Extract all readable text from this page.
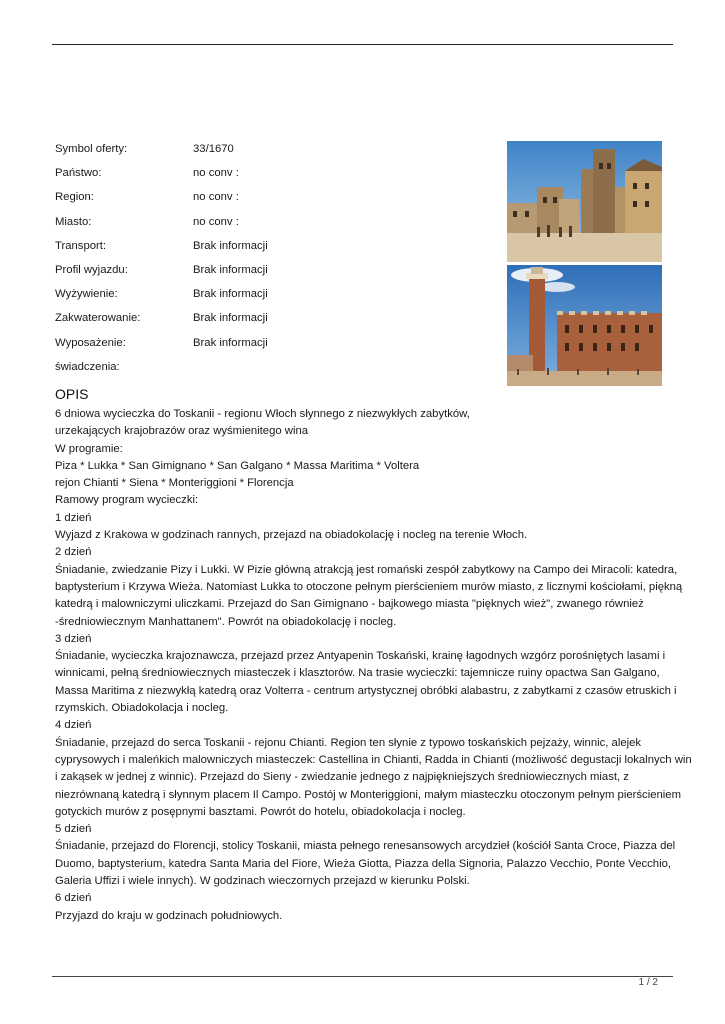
Symbol oferty:	33/1670
Państwo:	no conv :
Region:	no conv :
Miasto:	no conv :
Transport:	Brak informacji
Profil wyjazdu:	Brak informacji
Wyżywienie:	Brak informacji
Zakwaterowanie:	Brak informacji
Wyposażenie:	Brak informacji
świadczenia:
OPIS
6 dniowa wycieczka do Toskanii - regionu Włoch słynnego z niezwykłych zabytków,
urzekających krajobrazów oraz wyśmienitego wina
W programie:
Piza * Lukka * San Gimignano * San Galgano * Massa Maritima * Voltera
rejon Chianti * Siena * Monteriggioni * Florencja
Ramowy program wycieczki:
1 dzień
Wyjazd z Krakowa w godzinach rannych, przejazd na obiadokolację i nocleg na terenie Włoch.
2 dzień
Śniadanie, zwiedzanie Pizy i Lukki. W Pizie główną atrakcją jest romański zespół zabytkowy na Campo dei Miracoli: katedra,
baptysterium i Krzywa Wieża. Natomiast Lukka to otoczone pełnym pierścieniem murów miasto, z licznymi kościołami, piękną
katedrą i malowniczymi uliczkami. Przejazd do San Gimignano - bajkowego miasta "pięknych wież", zwanego również
-średniowiecznym Manhattanem". Powrót na obiadokolację i nocleg.
3 dzień
Śniadanie, wycieczka krajoznawcza, przejazd przez Antyapenin Toskański, krainę łagodnych wzgórz porośniętych lasami i
winnicami, pełną średniowiecznych miasteczek i klasztorów. Na trasie wycieczki: tajemnicze ruiny opactwa San Galgano,
Massa Maritima z niezwykłą katedrą oraz Volterra - centrum artystycznej obróbki alabastru, z zabytkami z czasów etruskich i
rzymskich. Obiadokolacja i nocleg.
4 dzień
Śniadanie, przejazd do serca Toskanii - rejonu Chianti. Region ten słynie z typowo toskańskich pejzaży, winnic, alejek
cyprysowych i maleńkich malowniczych miasteczek: Castellina in Chianti, Radda in Chianti (możliwość degustacji lokalnych win
i zakąsek w jednej z winnic). Przejazd do Sieny - zwiedzanie jednego z najpiękniejszych średniowiecznych miast, z
niezrównaną katedrą i słynnym placem Il Campo. Postój w Monteriggioni, małym miasteczku otoczonym pełnym pierścieniem
gotyckich murów z posępnymi basztami. Powrót do hotelu, obiadokolacja i nocleg.
5 dzień
Śniadanie, przejazd do Florencji, stolicy Toskanii, miasta pełnego renesansowych arcydzieł (kościół Santa Croce, Piazza del
Duomo, baptysterium, katedra Santa Maria del Fiore, Wieża Giotta, Piazza della Signoria, Palazzo Vecchio, Ponte Vecchio,
Galeria Uffizi i wiele innych). W godzinach wieczornych przejazd w kierunku Polski.
6 dzień
Przyjazd do kraju w godzinach południowych.
1 / 2
